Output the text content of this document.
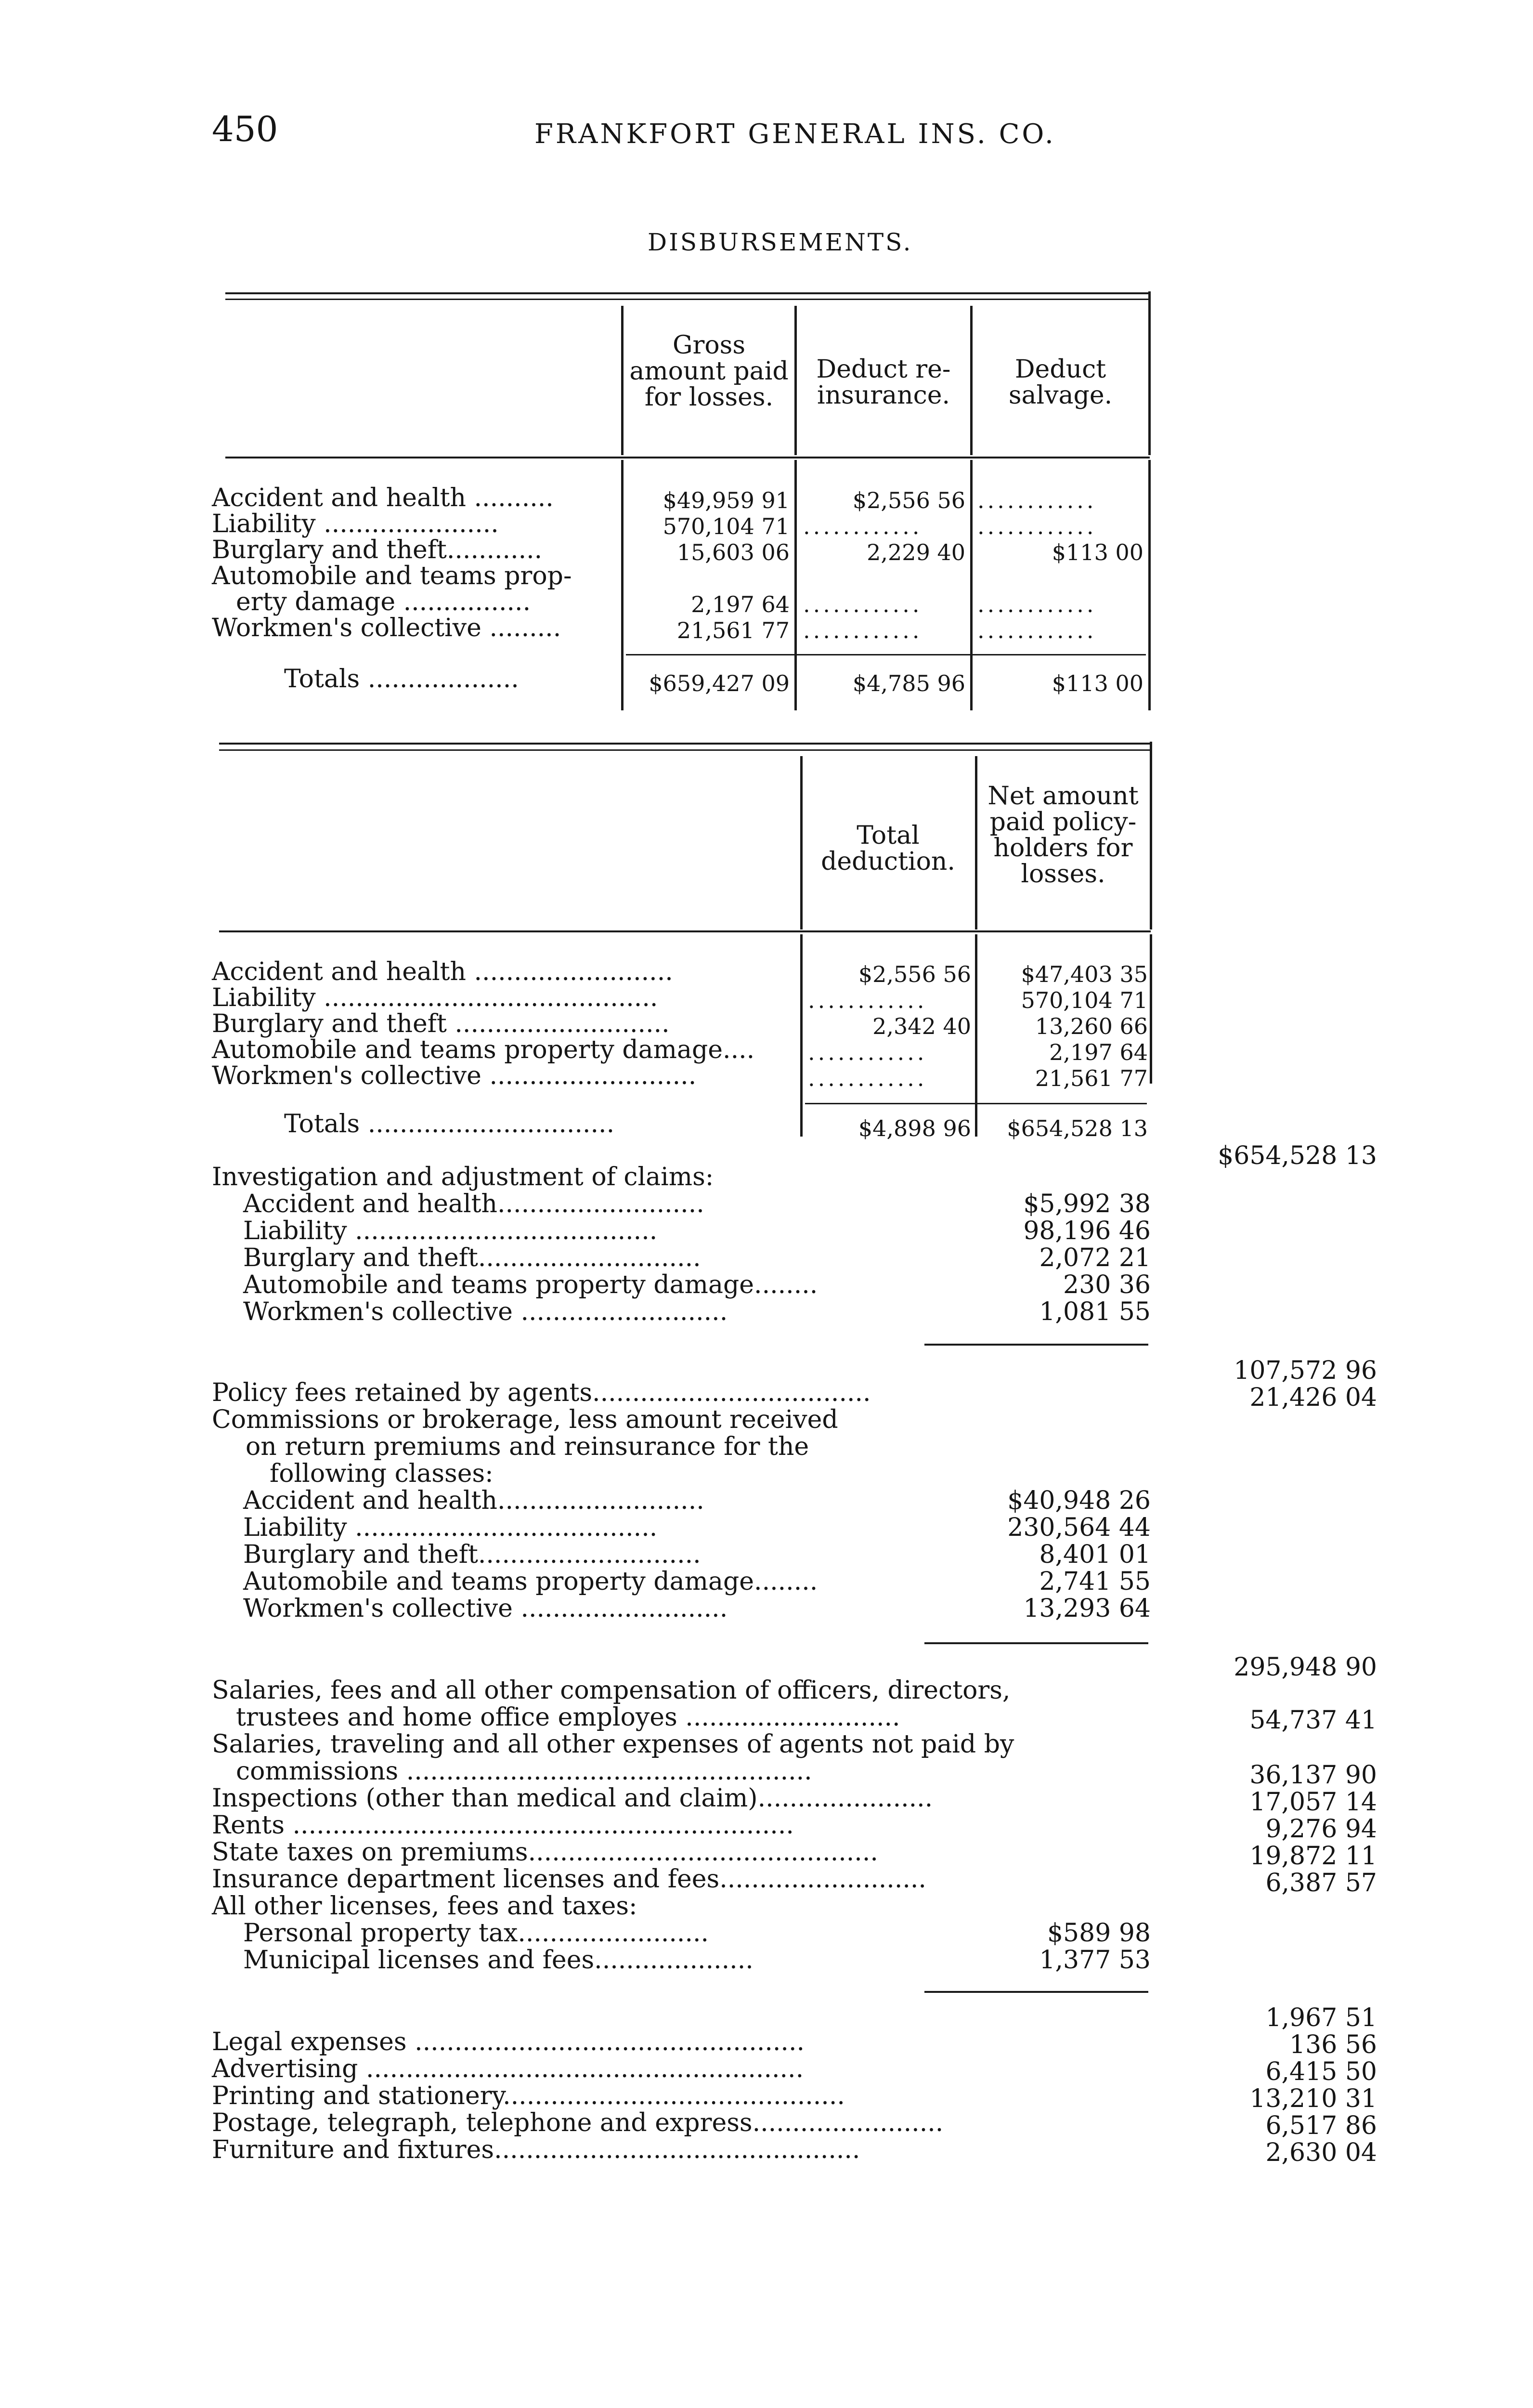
450	FRANKFORT GENERAL INS. CO.
DISBURSEMENTS.
Gross amount paid for losses.
Deduct re-insurance.
Deduct salvage.
Accident and health ..........	$49,959 91	$2,556 56 ............
Liability ......................	570,104 71 ............ ............
Burglary and theft............	15,603 06	2,229 40	$113 00
Automobile and teams prop-
erty damage ................	2,197 64 ............ ............
Workmen's collective .........	21,561 77 ............ ............
Totals ...................	$659,427 09	$4,785 96	$113 00
Total deduction.
Net amount paid policy-holders for losses.
Accident and health .........................	$2,556 56	$47,403 35
Liability ..........................................	............	570,104 71
Burglary and theft ...........................	2,342 40	13,260 66
Automobile and teams property damage.... ............	2,197 64
Workmen's collective ..........................	............	21,561 77
Totals ...............................	$4,898 96	$654,528 13
$654,528 13
Investigation and adjustment of claims:
Accident and health..........................	$5,992 38
Liability ......................................	98,196 46
Burglary and theft............................	2,072 21
Automobile and teams property damage........	230 36
Workmen's collective ..........................	1,081 55
107,572 96
Policy fees retained by agents...................................	21,426 04
Commissions or brokerage, less amount received
on return premiums and reinsurance for the
following classes:
Accident and health..........................	$40,948 26
Liability ......................................	230,564 44
Burglary and theft............................	8,401 01
Automobile and teams property damage........	2,741 55
Workmen's collective ..........................	13,293 64
295,948 90
Salaries, fees and all other compensation of officers, directors,
trustees and home office employes ...........................	54,737 41
Salaries, traveling and all other expenses of agents not paid by
commissions ...................................................	36,137 90
Inspections (other than medical and claim)......................	17,057 14
Rents ...............................................................	9,276 94
State taxes on premiums............................................	19,872 11
Insurance department licenses and fees..........................	6,387 57
All other licenses, fees and taxes:
Personal property tax........................	$589 98
Municipal licenses and fees....................	1,377 53
1,967 51
Legal expenses .................................................	136 56
Advertising .......................................................	6,415 50
Printing and stationery...........................................	13,210 31
Postage, telegraph, telephone and express........................	6,517 86
Furniture and fixtures..............................................	2,630 04
